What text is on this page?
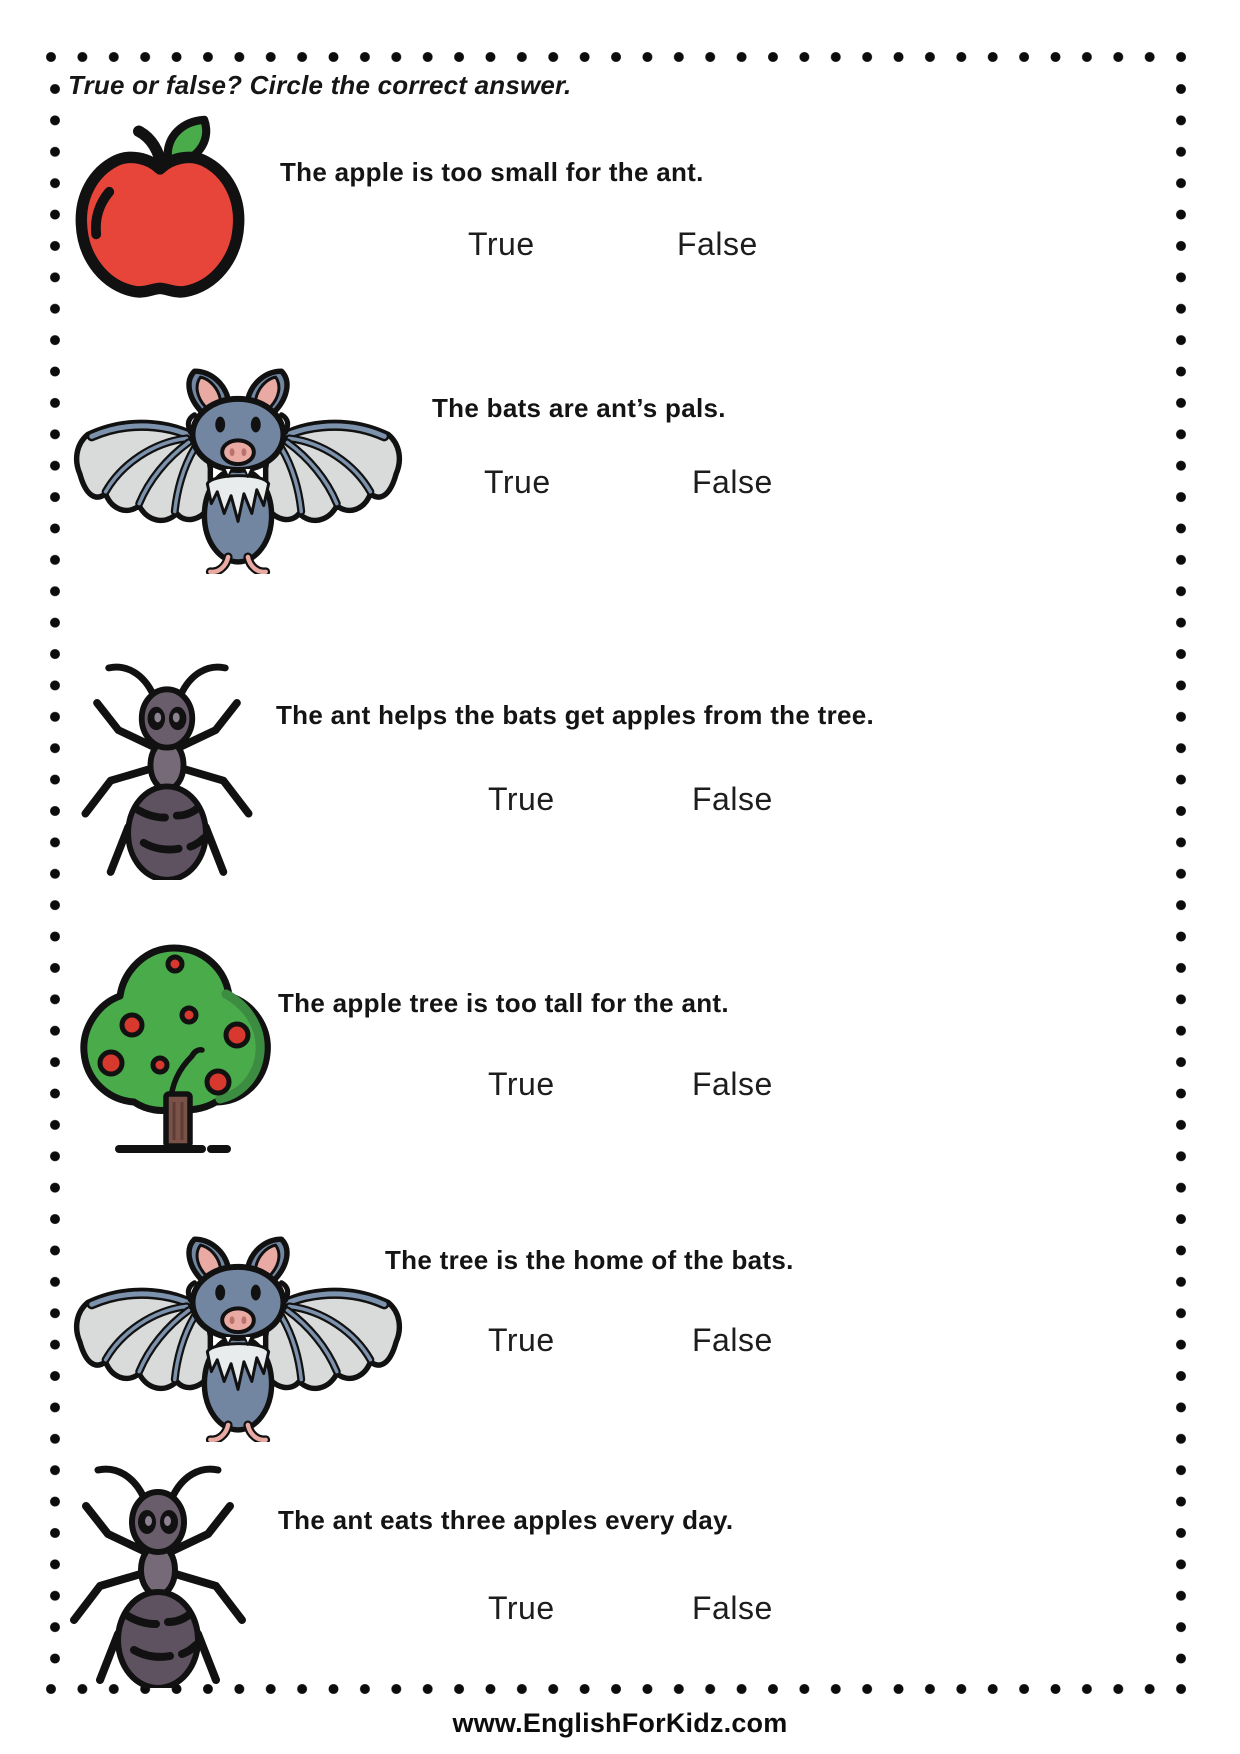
True or false? Circle the correct answer.
The apple is too small for the ant.
True	False
The bats are ant’s pals.
True	False
The ant helps the bats get apples from the tree.
True	False
The apple tree is too tall for the ant.
True	False
The tree is the home of the bats.
True	False
The ant eats three apples every day.
True	False
www.EnglishForKidz.com
